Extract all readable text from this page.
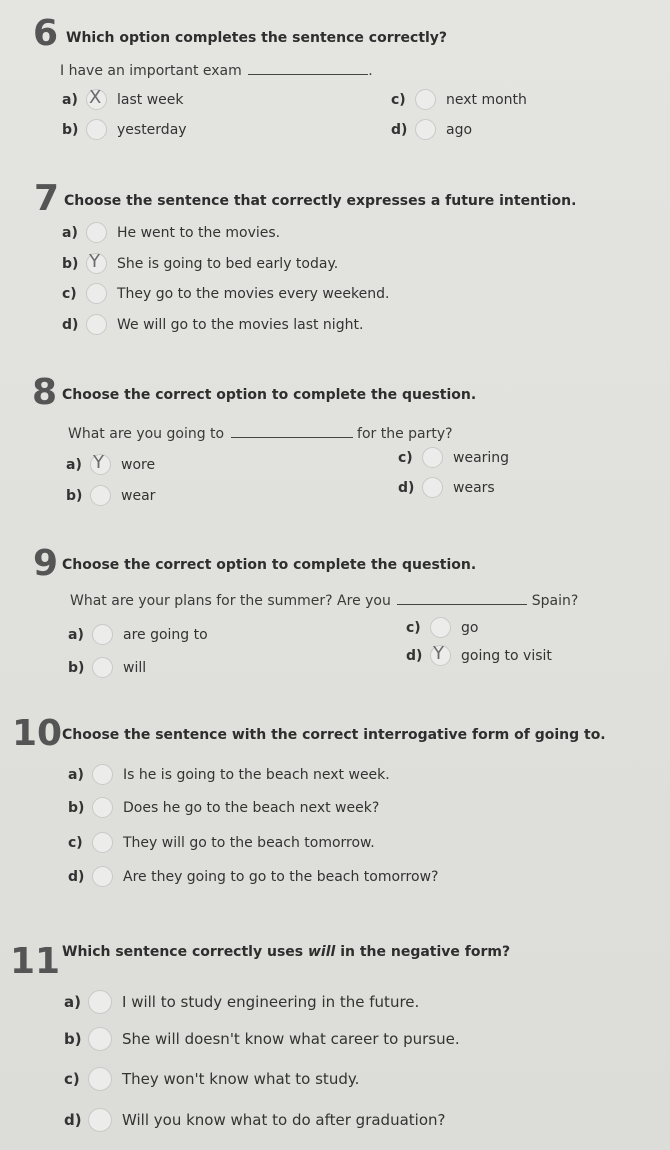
6 Which option completes the sentence correctly?
I have an important exam	.
a) X last week
b)	yesterday
c)	next month
d)	ago
7 Choose the sentence that correctly expresses a future intention.
a)	He went to the movies.
b) Y She is going to bed early today.
c)	They go to the movies every weekend.
d)	We will go to the movies last night.
8 Choose the correct option to complete the question.
What are you going to	for the party?
a) Y wore
b)	wear
c)	wearing
d)	wears
9 Choose the correct option to complete the question.
What are your plans for the summer? Are you	Spain?
a)	are going to
b)	will
c)	go
d) Y going to visit
10 Choose the sentence with the correct interrogative form of going to.
a)	Is he is going to the beach next week.
b)	Does he go to the beach next week?
c)	They will go to the beach tomorrow.
d)	Are they going to go to the beach tomorrow?
11 Which sentence correctly uses will in the negative form?
a)	I will to study engineering in the future.
b)	She will doesn't know what career to pursue.
c)	They won't know what to study.
d)	Will you know what to do after graduation?
